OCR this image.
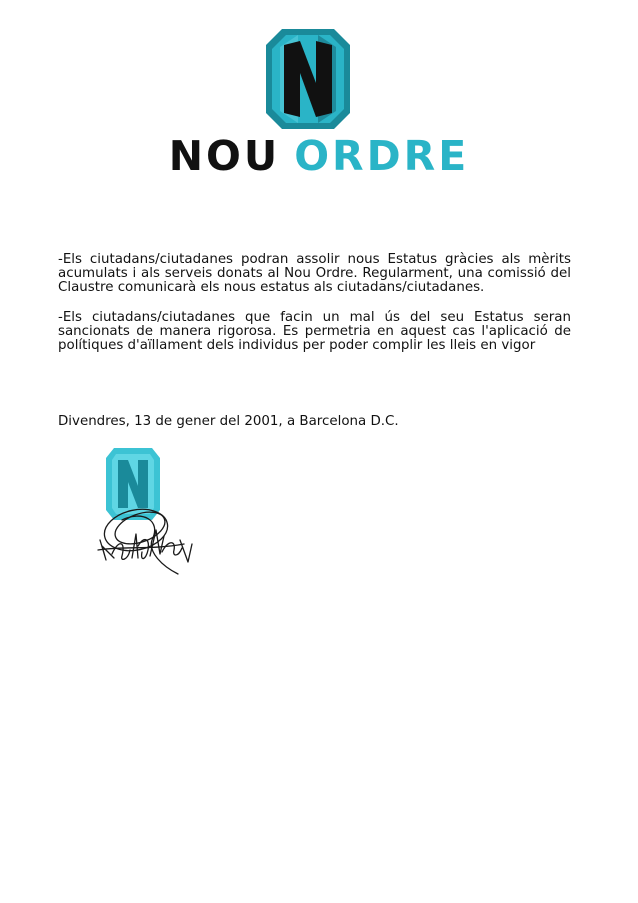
NOU ORDRE

-Els ciutadans/ciutadanes podran assolir nous Estatus gràcies als mèrits acumulats i als serveis donats al Nou Ordre. Regularment, una comissió del Claustre comunicarà els nous estatus als ciutadans/ciutadanes.

-Els ciutadans/ciutadanes que facin un mal ús del seu Estatus seran sancionats de manera rigorosa. Es permetria en aquest cas l'aplicació de polítiques d'aïllament dels individus per poder complir les lleis en vigor

Divendres, 13 de gener del 2001, a Barcelona D.C.
